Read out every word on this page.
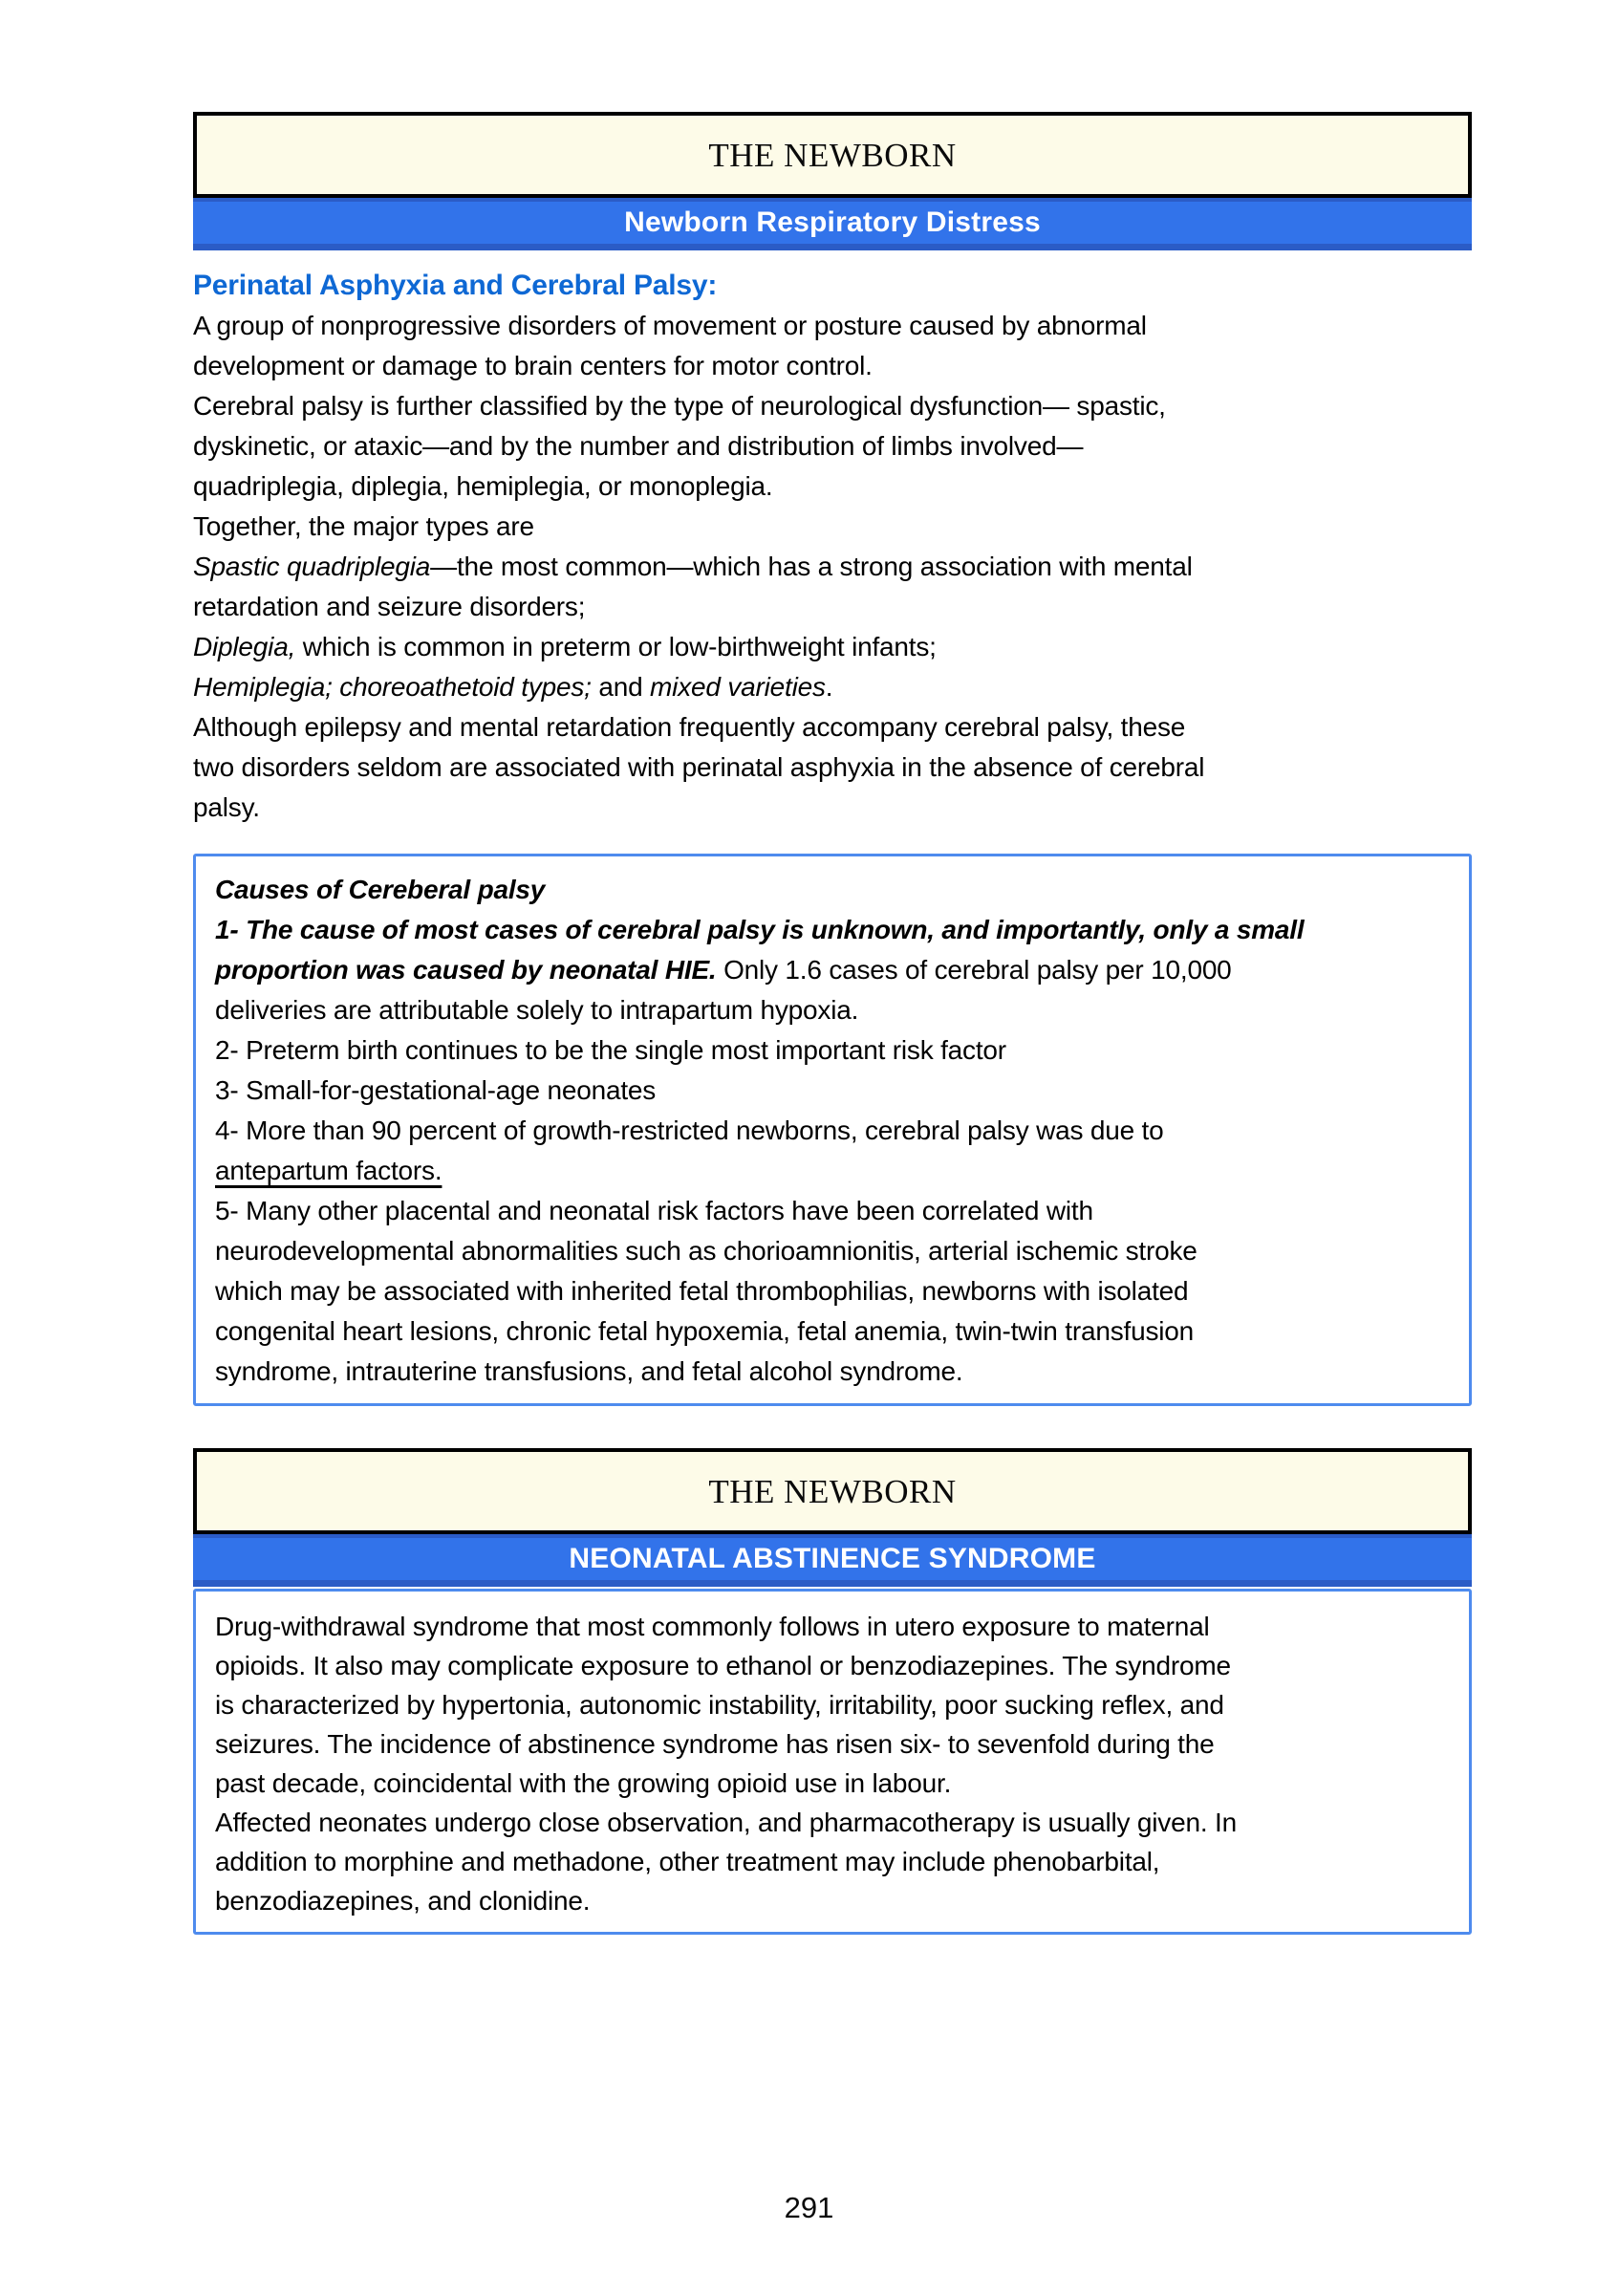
THE NEWBORN
Newborn Respiratory Distress
Perinatal Asphyxia and Cerebral Palsy:
A group of nonprogressive disorders of movement or posture caused by abnormal
development or damage to brain centers for motor control.
Cerebral palsy is further classified by the type of neurological dysfunction— spastic,
dyskinetic, or ataxic—and by the number and distribution of limbs involved—
quadriplegia, diplegia, hemiplegia, or monoplegia.
Together, the major types are
Spastic quadriplegia—the most common—which has a strong association with mental
retardation and seizure disorders;
Diplegia, which is common in preterm or low-birthweight infants;
Hemiplegia; choreoathetoid types; and mixed varieties.
Although epilepsy and mental retardation frequently accompany cerebral palsy, these
two disorders seldom are associated with perinatal asphyxia in the absence of cerebral
palsy.
Causes of Cereberal palsy
1- The cause of most cases of cerebral palsy is unknown, and importantly, only a small
proportion was caused by neonatal HIE. Only 1.6 cases of cerebral palsy per 10,000
deliveries are attributable solely to intrapartum hypoxia.
2- Preterm birth continues to be the single most important risk factor
3- Small-for-gestational-age neonates
4- More than 90 percent of growth-restricted newborns, cerebral palsy was due to
antepartum factors.
5- Many other placental and neonatal risk factors have been correlated with
neurodevelopmental abnormalities such as chorioamnionitis, arterial ischemic stroke
which may be associated with inherited fetal thrombophilias, newborns with isolated
congenital heart lesions, chronic fetal hypoxemia, fetal anemia, twin-twin transfusion
syndrome, intrauterine transfusions, and fetal alcohol syndrome.
THE NEWBORN
NEONATAL ABSTINENCE SYNDROME
Drug-withdrawal syndrome that most commonly follows in utero exposure to maternal
opioids. It also may complicate exposure to ethanol or benzodiazepines. The syndrome
is characterized by hypertonia, autonomic instability, irritability, poor sucking reflex, and
seizures. The incidence of abstinence syndrome has risen six- to sevenfold during the
past decade, coincidental with the growing opioid use in labour.
Affected neonates undergo close observation, and pharmacotherapy is usually given. In
addition to morphine and methadone, other treatment may include phenobarbital,
benzodiazepines, and clonidine.
291
